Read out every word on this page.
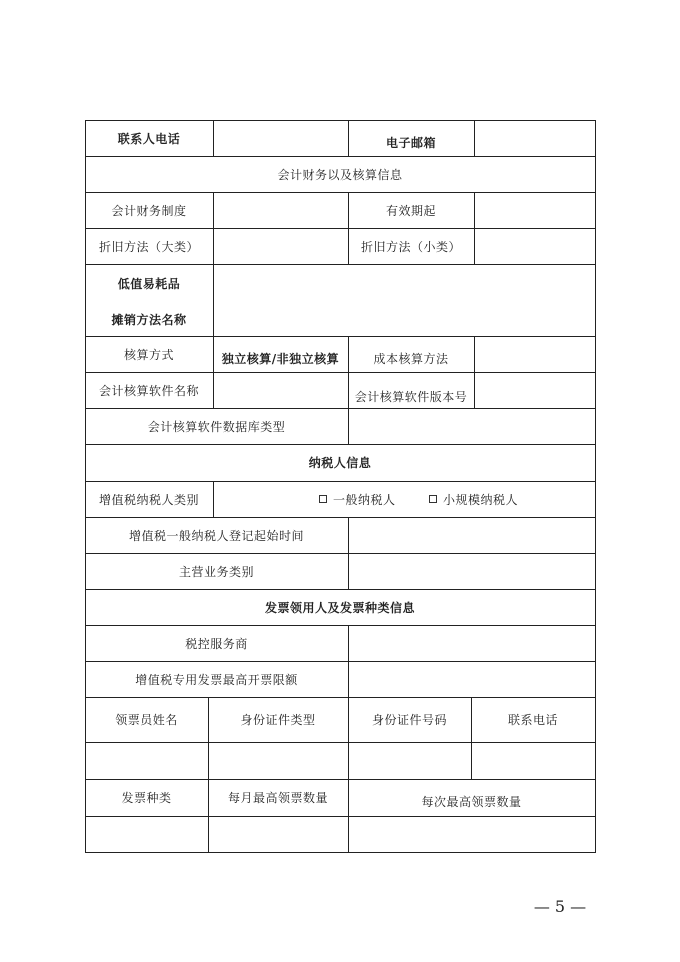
联系人电话	电子邮箱
会计财务以及核算信息
会计财务制度	有效期起
折旧方法（大类）	折旧方法（小类）
低值易耗品
摊销方法名称
核算方式	独立核算/非独立核算	成本核算方法
会计核算软件名称	会计核算软件版本号
会计核算软件数据库类型
纳税人信息
增值税纳税人类别	一般纳税人	小规模纳税人
增值税一般纳税人登记起始时间
主营业务类别
发票领用人及发票种类信息
税控服务商
增值税专用发票最高开票限额
领票员姓名	身份证件类型	身份证件号码	联系电话
发票种类	每月最高领票数量	每次最高领票数量
— 5 —
